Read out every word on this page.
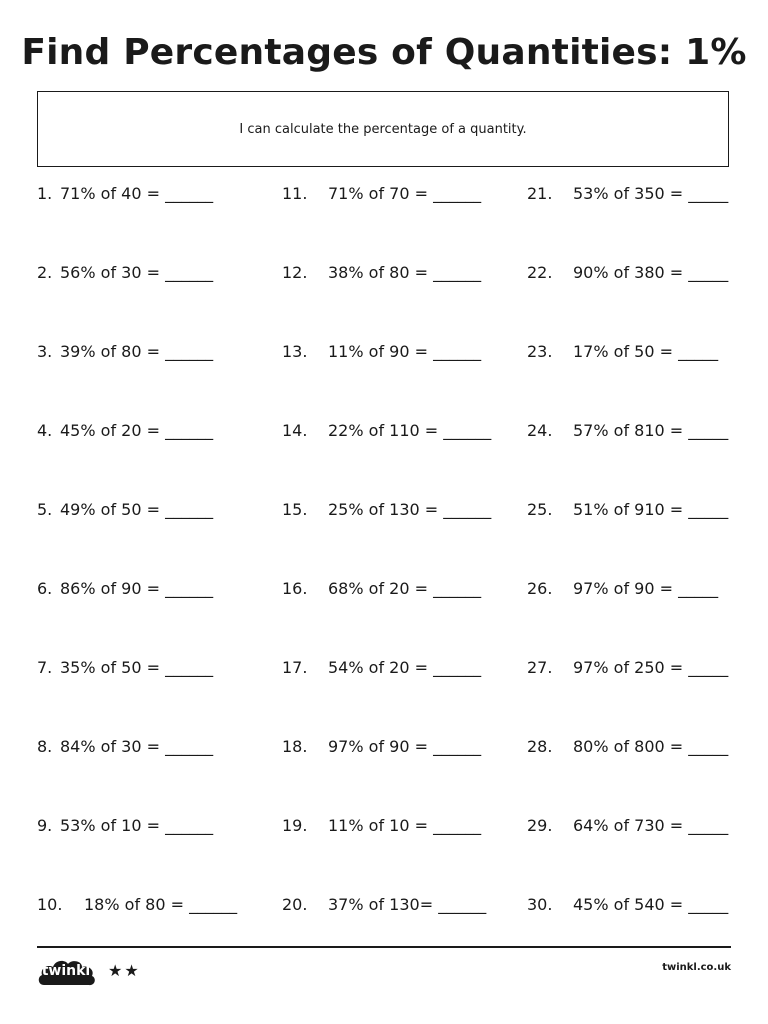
Find Percentages of Quantities: 1%
I can calculate the percentage of a quantity.
1. 71% of 40 = ______
2. 56% of 30 = ______
3. 39% of 80 = ______
4. 45% of 20 = ______
5. 49% of 50 = ______
6. 86% of 90 = ______
7. 35% of 50 = ______
8. 84% of 30 = ______
9. 53% of 10 = ______
10. 18% of 80 = ______
11. 71% of 70 = ______
12. 38% of 80 = ______
13. 11% of 90 = ______
14. 22% of 110 = ______
15. 25% of 130 = ______
16. 68% of 20 = ______
17. 54% of 20 = ______
18. 97% of 90 = ______
19. 11% of 10 = ______
20. 37% of 130= ______
21. 53% of 350 = _____
22. 90% of 380 = _____
23. 17% of 50 = _____
24. 57% of 810 = _____
25. 51% of 910 = _____
26. 97% of 90 = _____
27. 97% of 250 = _____
28. 80% of 800 = _____
29. 64% of 730 = _____
30. 45% of 540 = _____
twinkl	★★	twinkl.co.uk
